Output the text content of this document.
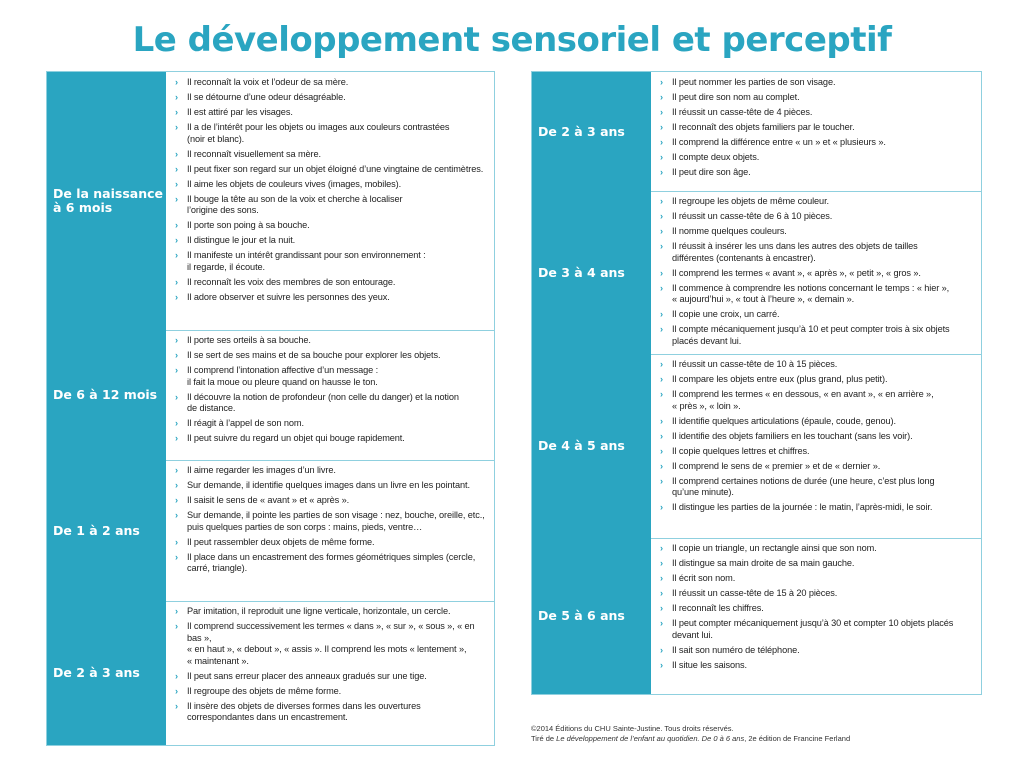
Le développement sensoriel et perceptif
De la naissance
à 6 mois
› Il reconnaît la voix et l’odeur de sa mère.
› Il se détourne d’une odeur désagréable.
› Il est attiré par les visages.
› Il a de l’intérêt pour les objets ou images aux couleurs contrastées
(noir et blanc).
› Il reconnaît visuellement sa mère.
› Il peut fixer son regard sur un objet éloigné d’une vingtaine de centimètres.
› Il aime les objets de couleurs vives (images, mobiles).
› Il bouge la tête au son de la voix et cherche à localiser
l’origine des sons.
› Il porte son poing à sa bouche.
› Il distingue le jour et la nuit.
› Il manifeste un intérêt grandissant pour son environnement :
il regarde, il écoute.
› Il reconnaît les voix des membres de son entourage.
› Il adore observer et suivre les personnes des yeux.
De 6 à 12 mois
› Il porte ses orteils à sa bouche.
› Il se sert de ses mains et de sa bouche pour explorer les objets.
› Il comprend l’intonation affective d’un message :
il fait la moue ou pleure quand on hausse le ton.
› Il découvre la notion de profondeur (non celle du danger) et la notion
de distance.
› Il réagit à l’appel de son nom.
› Il peut suivre du regard un objet qui bouge rapidement.
De 1 à 2 ans
› Il aime regarder les images d’un livre.
› Sur demande, il identifie quelques images dans un livre en les pointant.
› Il saisit le sens de « avant » et « après ».
› Sur demande, il pointe les parties de son visage : nez, bouche, oreille, etc.,
puis quelques parties de son corps : mains, pieds, ventre…
› Il peut rassembler deux objets de même forme.
› Il place dans un encastrement des formes géométriques simples (cercle,
carré, triangle).
De 2 à 3 ans
› Par imitation, il reproduit une ligne verticale, horizontale, un cercle.
› Il comprend successivement les termes « dans », « sur », « sous », « en bas »,
« en haut », « debout », « assis ». Il comprend les mots « lentement »,
« maintenant ».
› Il peut sans erreur placer des anneaux gradués sur une tige.
› Il regroupe des objets de même forme.
› Il insère des objets de diverses formes dans les ouvertures
correspondantes dans un encastrement.
De 2 à 3 ans
› Il peut nommer les parties de son visage.
› Il peut dire son nom au complet.
› Il réussit un casse-tête de 4 pièces.
› Il reconnaît des objets familiers par le toucher.
› Il comprend la différence entre « un » et « plusieurs ».
› Il compte deux objets.
› Il peut dire son âge.
De 3 à 4 ans
› Il regroupe les objets de même couleur.
› Il réussit un casse-tête de 6 à 10 pièces.
› Il nomme quelques couleurs.
› Il réussit à insérer les uns dans les autres des objets de tailles
différentes (contenants à encastrer).
› Il comprend les termes « avant », « après », « petit », « gros ».
› Il commence à comprendre les notions concernant le temps : « hier »,
« aujourd’hui », « tout à l’heure », « demain ».
› Il copie une croix, un carré.
› Il compte mécaniquement jusqu’à 10 et peut compter trois à six objets
placés devant lui.
De 4 à 5 ans
› Il réussit un casse-tête de 10 à 15 pièces.
› Il compare les objets entre eux (plus grand, plus petit).
› Il comprend les termes « en dessous, « en avant », « en arrière »,
« près », « loin ».
› Il identifie quelques articulations (épaule, coude, genou).
› Il identifie des objets familiers en les touchant (sans les voir).
› Il copie quelques lettres et chiffres.
› Il comprend le sens de « premier » et de « dernier ».
› Il comprend certaines notions de durée (une heure, c’est plus long
qu’une minute).
› Il distingue les parties de la journée : le matin, l’après-midi, le soir.
De 5 à 6 ans
› Il copie un triangle, un rectangle ainsi que son nom.
› Il distingue sa main droite de sa main gauche.
› Il écrit son nom.
› Il réussit un casse-tête de 15 à 20 pièces.
› Il reconnaît les chiffres.
› Il peut compter mécaniquement jusqu’à 30 et compter 10 objets placés
devant lui.
› Il sait son numéro de téléphone.
› Il situe les saisons.
©2014 Éditions du CHU Sainte-Justine. Tous droits réservés.
Tiré de Le développement de l’enfant au quotidien. De 0 à 6 ans, 2e édition de Francine Ferland
